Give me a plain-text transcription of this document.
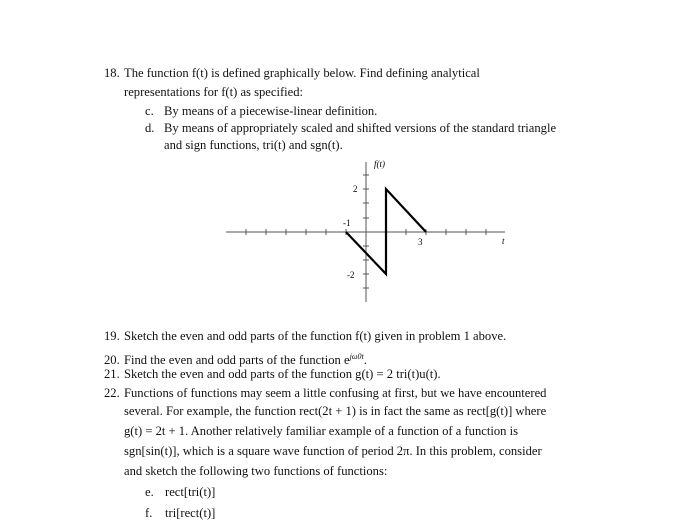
18. The function f(t) is defined graphically below. Find defining analytical
representations for f(t) as specified:
c. By means of a piecewise-linear definition.
d. By means of appropriately scaled and shifted versions of the standard triangle
and sign functions, tri(t) and sgn(t).
f(t)
t
2
-2
-1
3
19. Sketch the even and odd parts of the function f(t) given in problem 1 above.
20. Find the even and odd parts of the function $e^{j\omega 0t}$.
21. Sketch the even and odd parts of the function g(t) = 2 tri(t)u(t).
22. Functions of functions may seem a little confusing at first, but we have encountered
several. For example, the function rect(2t + 1) is in fact the same as rect[g(t)] where
g(t) = 2t + 1. Another relatively familiar example of a function of a function is
sgn[sin(t)], which is a square wave function of period 2π. In this problem, consider
and sketch the following two functions of functions:
e. rect[tri(t)]
f. tri[rect(t)]
